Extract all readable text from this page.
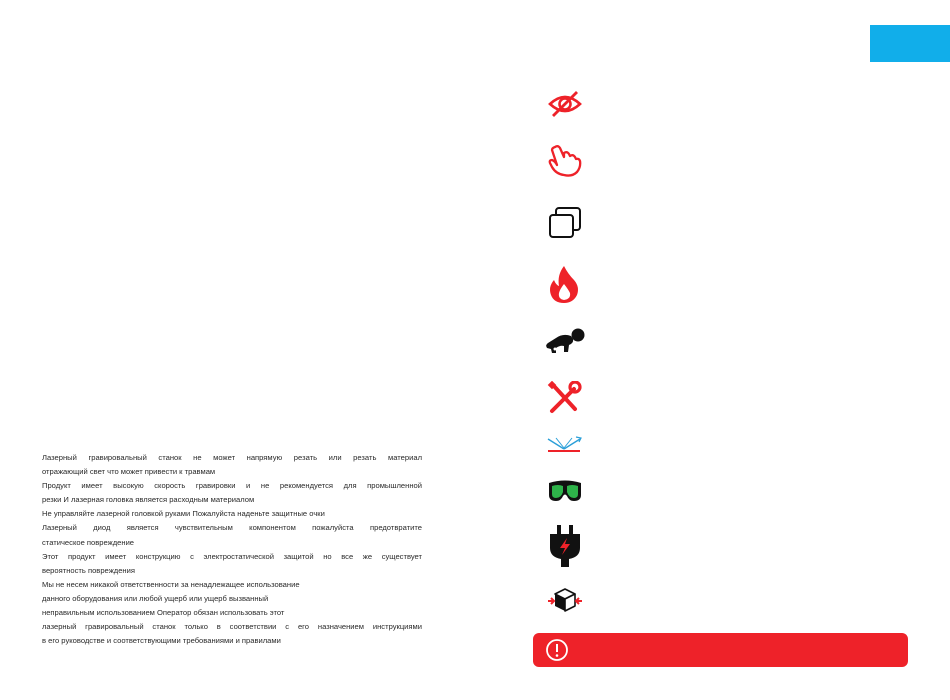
Лазерный гравировальный станок не может напрямую резать или резать материал
отражающий свет что может привести к травмам
Продукт имеет высокую скорость гравировки и не рекомендуется для промышленной
резки И лазерная головка является расходным материалом
Не управляйте лазерной головкой руками Пожалуйста наденьте защитные очки
Лазерный диод является чувствительным компонентом пожалуйста предотвратите
статическое повреждение
Этот продукт имеет конструкцию с электростатической защитой но все же существует
вероятность повреждения
Мы не несем никакой ответственности за ненадлежащее использование
данного оборудования или любой ущерб или ущерб вызванный
неправильным использованием Оператор обязан использовать этот
лазерный гравировальный станок только в соответствии с его назначением инструкциями
в его руководстве и соответствующими требованиями и правилами
